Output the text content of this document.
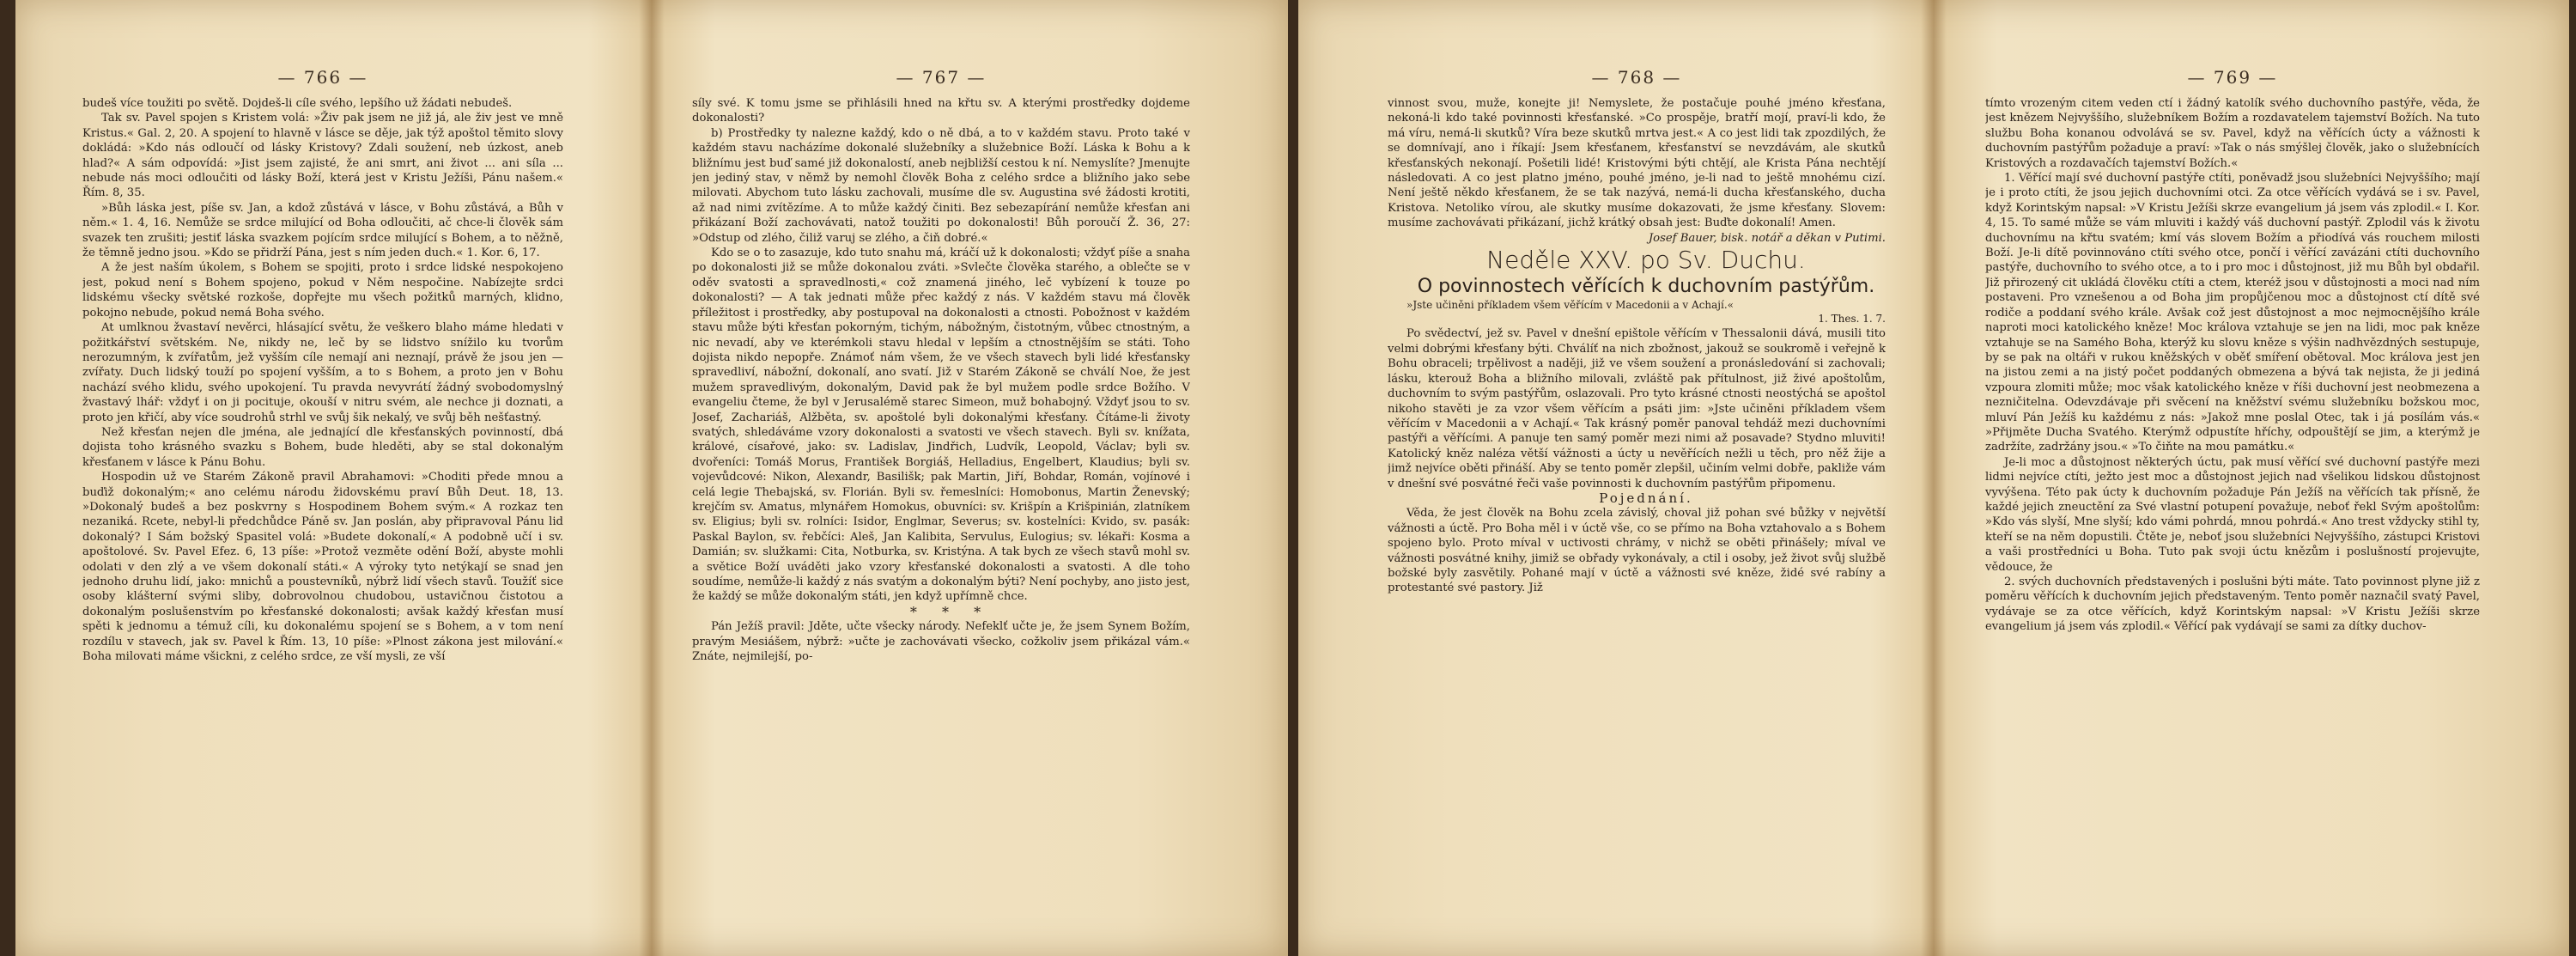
— 766 —

budeš více toužiti po světě. Dojdeš-li cíle svého, lepšího už žádati nebudeš.

Tak sv. Pavel spojen s Kristem volá: »Živ pak jsem ne již já, ale živ jest ve mně Kristus.« Gal. 2, 20. A spojení to hlavně v lásce se děje, jak týž apoštol těmito slovy dokládá: »Kdo nás odloučí od lásky Kristovy? Zdali soužení, neb úzkost, aneb hlad?« A sám odpovídá: »Jist jsem zajisté, že ani smrt, ani život ... ani síla ... nebude nás moci odloučiti od lásky Boží, která jest v Kristu Ježíši, Pánu našem.« Řím. 8, 35.

»Bůh láska jest, píše sv. Jan, a kdož zůstává v lásce, v Bohu zůstává, a Bůh v něm.« 1. 4, 16. Nemůže se srdce milující od Boha odloučiti, ač chce-li člověk sám svazek ten zrušiti; jestiť láska svazkem pojícím srdce milující s Bohem, a to něžně, že těmně jedno jsou. »Kdo se přidrží Pána, jest s ním jeden duch.« 1. Kor. 6, 17.

A že jest naším úkolem, s Bohem se spojiti, proto i srdce lidské nespokojeno jest, pokud není s Bohem spojeno, pokud v Něm nespočine. Nabízejte srdci lidskému všecky světské rozkoše, dopřejte mu všech požitků marných, klidno, pokojno nebude, pokud nemá Boha svého.

At umlknou žvastaví nevěrci, hlásající světu, že veškero blaho máme hledati v požitkářství světském. Ne, nikdy ne, leč by se lidstvo snížilo ku tvorům nerozumným, k zvířatům, jež vyšším cíle nemají ani neznají, právě že jsou jen — zvířaty. Duch lidský touží po spojení vyšším, a to s Bohem, a proto jen v Bohu nachází svého klidu, svého upokojení. Tu pravda nevyvrátí žádný svobodomyslný žvastavý lhář: vždyť i on ji pocituje, okouší v nitru svém, ale nechce ji doznati, a proto jen křičí, aby více soudrohů strhl ve svůj šik nekalý, ve svůj běh nešťastný.

Než křesťan nejen dle jména, ale jednající dle křesťanských povinností, dbá dojista toho krásného svazku s Bohem, bude hleděti, aby se stal dokonalým křesťanem v lásce k Pánu Bohu.

Hospodin už ve Starém Zákoně pravil Abrahamovi: »Choditi přede mnou a buďiž dokonalým;« ano celému národu židovskému praví Bůh Deut. 18, 13. »Dokonalý budeš a bez poskvrny s Hospodinem Bohem svým.« A rozkaz ten nezaniká. Rcete, nebyl-li předchůdce Páně sv. Jan poslán, aby připravoval Pánu lid dokonalý? I Sám božský Spasitel volá: »Budete dokonalí,« A podobně učí i sv. apoštolové. Sv. Pavel Efez. 6, 13 píše: »Protož vezměte odění Boží, abyste mohli odolati v den zlý a ve všem dokonalí státi.« A výroky tyto netýkají se snad jen jednoho druhu lidí, jako: mnichů a poustevníků, nýbrž lidí všech stavů. Toužíť sice osoby klášterní svými sliby, dobrovolnou chudobou, ustavičnou čistotou a dokonalým poslušenstvím po křesťanské dokonalosti; avšak každý křesťan musí spěti k jednomu a témuž cíli, ku dokonalému spojení se s Bohem, a v tom není rozdílu v stavech, jak sv. Pavel k Řím. 13, 10 píše: »Plnost zákona jest milování.« Boha milovati máme všickni, z celého srdce, ze vší mysli, ze vší

— 767 —

síly své. K tomu jsme se přihlásili hned na křtu sv. A kterými prostředky dojdeme dokonalosti?

b) Prostředky ty nalezne každý, kdo o ně dbá, a to v každém stavu. Proto také v každém stavu nacházíme dokonalé služebníky a služebnice Boží. Láska k Bohu a k bližnímu jest buď samé již dokonalostí, aneb nejbližší cestou k ní. Nemyslíte? Jmenujte jen jediný stav, v němž by nemohl člověk Boha z celého srdce a bližního jako sebe milovati. Abychom tuto lásku zachovali, musíme dle sv. Augustina své žádosti krotiti, až nad nimi zvítězíme. A to může každý činiti. Bez sebezapírání nemůže křesťan ani přikázaní Boží zachovávati, natož toužiti po dokonalosti! Bůh poroučí Ž. 36, 27: »Odstup od zlého, čiliž varuj se zlého, a čiň dobré.«

Kdo se o to zasazuje, kdo tuto snahu má, kráčí už k dokonalosti; vždyť píše a snaha po dokonalosti již se může dokonalou zváti. »Svlečte člověka starého, a oblečte se v oděv svatosti a spravedlnosti,« což znamená jiného, leč vybízení k touze po dokonalosti? — A tak jednati může přec každý z nás. V každém stavu má člověk příležitost i prostředky, aby postupoval na dokonalosti a ctnosti. Pobožnost v každém stavu může býti křesťan pokorným, tichým, nábožným, čistotným, vůbec ctnostným, a nic nevadí, aby ve kterémkoli stavu hledal v lepším a ctnostnějším se státi. Toho dojista nikdo nepopře. Známoť nám všem, že ve všech stavech byli lidé křesťansky spravedliví, nábožní, dokonalí, ano svatí. Již v Starém Zákoně se chválí Noe, že jest mužem spravedlivým, dokonalým, David pak že byl mužem podle srdce Božího. V evangeliu čteme, že byl v Jerusalémě starec Simeon, muž bohabojný. Vždyť jsou to sv. Josef, Zachariáš, Alžběta, sv. apoštolé byli dokonalými křesťany. Čítáme-li životy svatých, shledáváme vzory dokonalosti a svatosti ve všech stavech. Byli sv. knížata, králové, císařové, jako: sv. Ladislav, Jindřich, Ludvík, Leopold, Václav; byli sv. dvořeníci: Tomáš Morus, František Borgiáš, Helladius, Engelbert, Klaudius; byli sv. vojevůdcové: Nikon, Alexandr, Basilišk; pak Martin, Jiří, Bohdar, Román, vojínové i celá legie Thebajská, sv. Florián. Byli sv. řemeslníci: Homobonus, Martin Ženevský; krejčím sv. Amatus, mlynářem Homokus, obuvníci: sv. Krišpín a Krišpinián, zlatníkem sv. Eligius; byli sv. rolníci: Isidor, Englmar, Severus; sv. kostelníci: Kvido, sv. pasák: Paskal Baylon, sv. řebčíci: Aleš, Jan Kalibita, Servulus, Eulogius; sv. lékaři: Kosma a Damián; sv. služkami: Cita, Notburka, sv. Kristýna. A tak bych ze všech stavů mohl sv. a světice Boží uváděti jako vzory křesťanské dokonalosti a svatosti. A dle toho soudíme, nemůže-li každý z nás svatým a dokonalým býti? Není pochyby, ano jisto jest, že každý se může dokonalým státi, jen když upřímně chce.

* * *

Pán Ježíš pravil: Jděte, učte všecky národy. Nefeklť učte je, že jsem Synem Božím, pravým Mesiášem, nýbrž: »učte je zachovávati všecko, cožkoliv jsem přikázal vám.« Znáte, nejmilejší, po-

— 768 —

vinnost svou, muže, konejte ji! Nemyslete, že postačuje pouhé jméno křesťana, nekoná-li kdo také povinnosti křesťanské. »Co prospěje, bratří mojí, praví-li kdo, že má víru, nemá-li skutků? Víra beze skutků mrtva jest.« A co jest lidi tak zpozdilých, že se domnívají, ano i říkají: Jsem křesťanem, křesťanství se nevzdávám, ale skutků křesťanských nekonají. Pošetili lidé! Kristovými býti chtějí, ale Krista Pána nechtějí následovati. A co jest platno jméno, pouhé jméno, je-li nad to ještě mnohému cizí. Není ještě někdo křesťanem, že se tak nazývá, nemá-li ducha křesťanského, ducha Kristova. Netoliko vírou, ale skutky musíme dokazovati, že jsme křesťany. Slovem: musíme zachovávati přikázaní, jichž krátký obsah jest: Buďte dokonalí! Amen.

Josef Bauer, bisk. notář a děkan v Putimi.

Neděle XXV. po Sv. Duchu.

O povinnostech věřících k duchovním pastýřům.

»Jste učiněni příkladem všem věřícím v Macedonii a v Achají.«

1. Thes. 1. 7.

Po svědectví, jež sv. Pavel v dnešní epištole věřícím v Thessalonii dává, musili tito velmi dobrými křesťany býti. Chválíť na nich zbožnost, jakouž se soukromě i veřejně k Bohu obraceli; trpělivost a naději, již ve všem soužení a pronásledování si zachovali; lásku, kterouž Boha a bližního milovali, zvláště pak přítulnost, již živé apoštolům, duchovním to svým pastýřům, oslazovali. Pro tyto krásné ctnosti neostýchá se apoštol nikoho stavěti je za vzor všem věřícím a psáti jim: »Jste učiněni příkladem všem věřícím v Macedonii a v Achají.« Tak krásný poměr panoval tehdáž mezi duchovními pastýři a věřícími. A panuje ten samý poměr mezi nimi až posavade? Stydno mluviti! Katolický kněz naléza větší vážnosti a úcty u nevěřících nežli u těch, pro něž žije a jimž nejvíce oběti přináší. Aby se tento poměr zlepšil, učiním velmi dobře, pakliže vám v dnešní své posvátné řeči vaše povinnosti k duchovním pastýřům připomenu.

Pojednání.

Věda, že jest člověk na Bohu zcela závislý, choval již pohan své bůžky v největší vážnosti a úctě. Pro Boha měl i v úctě vše, co se přímo na Boha vztahovalo a s Bohem spojeno bylo. Proto míval v uctivosti chrámy, v nichž se oběti přinášely; míval ve vážnosti posvátné knihy, jimiž se obřady vykonávaly, a ctil i osoby, jež život svůj službě božské byly zasvětily. Pohané mají v úctě a vážnosti své kněze, židé své rabíny a protestanté své pastory. Již

— 769 —

tímto vrozeným citem veden ctí i žádný katolík svého duchovního pastýře, věda, že jest knězem Nejvyššího, služebníkem Božím a rozdavatelem tajemství Božích. Na tuto službu Boha konanou odvolává se sv. Pavel, když na věřících úcty a vážnosti k duchovním pastýřům požaduje a praví: »Tak o nás smýšlej člověk, jako o služebnících Kristových a rozdavačích tajemství Božích.«

1. Věřící mají své duchovní pastýře ctíti, poněvadž jsou služebníci Nejvyššího; mají je i proto ctíti, že jsou jejich duchovními otci. Za otce věřících vydává se i sv. Pavel, když Korintským napsal: »V Kristu Ježíši skrze evangelium já jsem vás zplodil.« I. Kor. 4, 15. To samé může se vám mluviti i každý váš duchovní pastýř. Zplodil vás k životu duchovnímu na křtu svatém; kmí vás slovem Božím a přiodívá vás rouchem milosti Boží. Je-li dítě povinnováno ctíti svého otce, pončí i věřící zavázáni ctíti duchovního pastýře, duchovního to svého otce, a to i pro moc i důstojnost, již mu Bůh byl obdařil. Již přirozený cit ukládá člověku ctíti a ctem, kteréž jsou v důstojnosti a moci nad ním postaveni. Pro vznešenou a od Boha jim propůjčenou moc a důstojnost ctí dítě své rodiče a poddaní svého krále. Avšak což jest důstojnost a moc nejmocnějšího krále naproti moci katolického kněze! Moc králova vztahuje se jen na lidi, moc pak kněze vztahuje se na Samého Boha, kterýž ku slovu kněze s výšin nadhvězdných sestupuje, by se pak na oltáři v rukou kněžských v oběť smíření obětoval. Moc králova jest jen na jistou zemi a na jistý počet poddaných obmezena a bývá tak nejista, že ji jediná vzpoura zlomiti může; moc však katolického kněze v říši duchovní jest neobmezena a nezničitelna. Odevzdávaje při svěcení na kněžství svému služebníku božskou moc, mluví Pán Ježíš ku každému z nás: »Jakož mne poslal Otec, tak i já posílám vás.« »Přijměte Ducha Svatého. Kterýmž odpustíte hříchy, odpouštějí se jim, a kterýmž je zadržíte, zadržány jsou.« »To čiňte na mou památku.«

Je-li moc a důstojnost některých úctu, pak musí věřící své duchovní pastýře mezi lidmi nejvíce ctíti, ježto jest moc a důstojnost jejich nad všelikou lidskou důstojnost vyvýšena. Této pak úcty k duchovním požaduje Pán Ježíš na věřících tak přísně, že každé jejich zneuctění za Své vlastní potupení považuje, neboť řekl Svým apoštolům: »Kdo vás slyší, Mne slyší; kdo vámi pohrdá, mnou pohrdá.« Ano trest vždycky stihl ty, kteří se na něm dopustili. Čtěte je, neboť jsou služebníci Nejvyššího, zástupci Kristovi a vaši prostředníci u Boha. Tuto pak svoji úctu knězům i poslušností projevujte, vědouce, že

2. svých duchovních představených i poslušni býti máte. Tato povinnost plyne již z poměru věřících k duchovním jejich představeným. Tento poměr naznačil svatý Pavel, vydávaje se za otce věřících, když Korintským napsal: »V Kristu Ježíši skrze evangelium já jsem vás zplodil.« Věřící pak vydávají se sami za dítky duchov-
